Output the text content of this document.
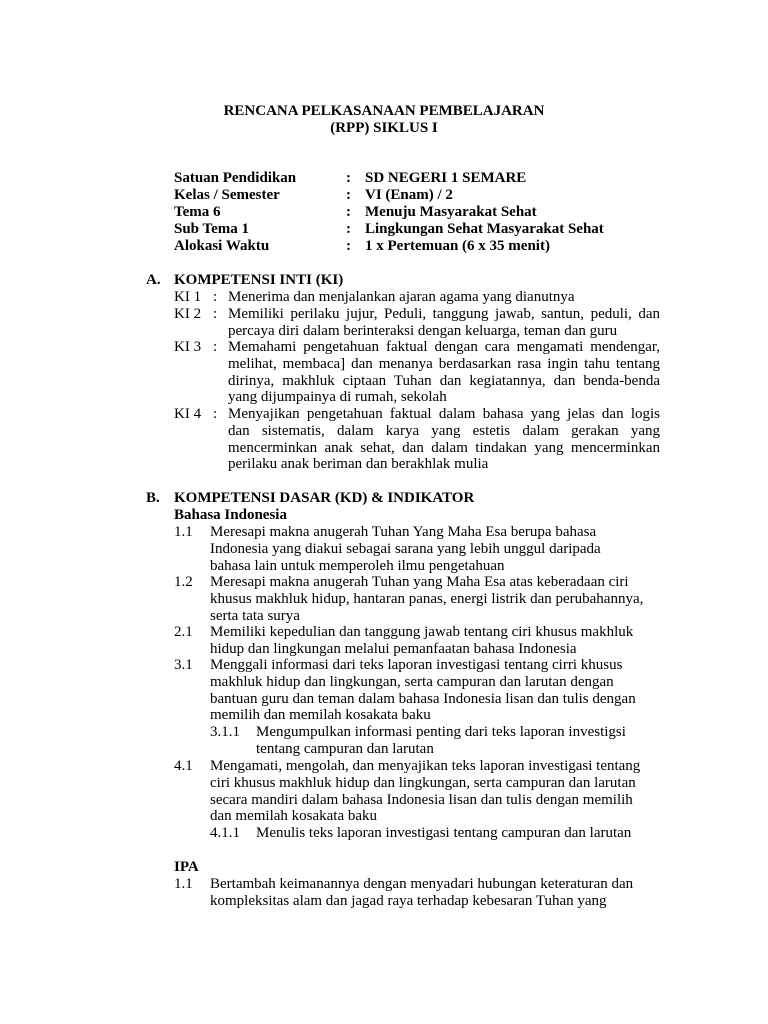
RENCANA PELKASANAAN PEMBELAJARAN
(RPP) SIKLUS I
Satuan Pendidikan	: SD NEGERI 1 SEMARE
Kelas / Semester	: VI (Enam) / 2
Tema 6	: Menuju Masyarakat Sehat
Sub Tema 1	: Lingkungan Sehat Masyarakat Sehat
Alokasi Waktu	: 1 x Pertemuan (6 x 35 menit)
A. KOMPETENSI INTI (KI)
KI 1 : Menerima dan menjalankan ajaran agama yang dianutnya
KI 2 : Memiliki perilaku jujur, Peduli, tanggung jawab, santun, peduli, dan
percaya diri dalam berinteraksi dengan keluarga, teman dan guru
KI 3 : Memahami pengetahuan faktual dengan cara mengamati mendengar,
melihat, membaca] dan menanya berdasarkan rasa ingin tahu tentang
dirinya, makhluk ciptaan Tuhan dan kegiatannya, dan benda-benda
yang dijumpainya di rumah, sekolah
KI 4 : Menyajikan pengetahuan faktual dalam bahasa yang jelas dan logis
dan sistematis, dalam karya yang estetis dalam gerakan yang
mencerminkan anak sehat, dan dalam tindakan yang mencerminkan
perilaku anak beriman dan berakhlak mulia
B. KOMPETENSI DASAR (KD) & INDIKATOR
Bahasa Indonesia
1.1 Meresapi makna anugerah Tuhan Yang Maha Esa berupa bahasa
Indonesia yang diakui sebagai sarana yang lebih unggul daripada
bahasa lain untuk memperoleh ilmu pengetahuan
1.2 Meresapi makna anugerah Tuhan yang Maha Esa atas keberadaan ciri
khusus makhluk hidup, hantaran panas, energi listrik dan perubahannya,
serta tata surya
2.1 Memiliki kepedulian dan tanggung jawab tentang ciri khusus makhluk
hidup dan lingkungan melalui pemanfaatan bahasa Indonesia
3.1 Menggali informasi dari teks laporan investigasi tentang cirri khusus
makhluk hidup dan lingkungan, serta campuran dan larutan dengan
bantuan guru dan teman dalam bahasa Indonesia lisan dan tulis dengan
memilih dan memilah kosakata baku
3.1.1 Mengumpulkan informasi penting dari teks laporan investigsi
tentang campuran dan larutan
4.1 Mengamati, mengolah, dan menyajikan teks laporan investigasi tentang
ciri khusus makhluk hidup dan lingkungan, serta campuran dan larutan
secara mandiri dalam bahasa Indonesia lisan dan tulis dengan memilih
dan memilah kosakata baku
4.1.1 Menulis teks laporan investigasi tentang campuran dan larutan
IPA
1.1 Bertambah keimanannya dengan menyadari hubungan keteraturan dan
kompleksitas alam dan jagad raya terhadap kebesaran Tuhan yang
